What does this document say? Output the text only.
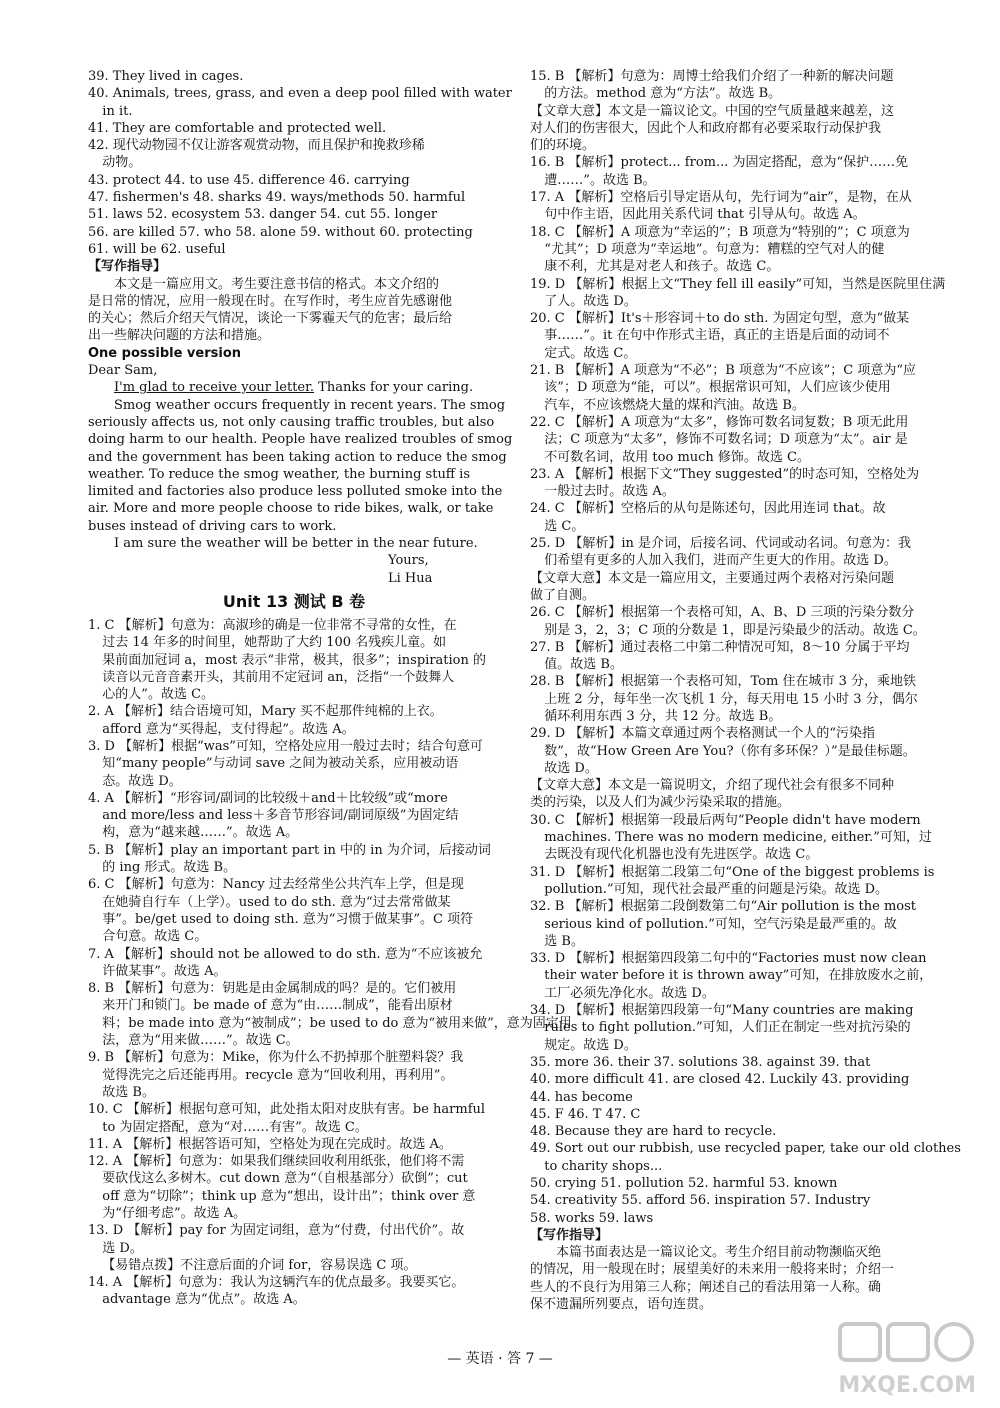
39. They lived in cages.
40. Animals, trees, grass, and even a deep pool filled with water
in it.
41. They are comfortable and protected well.
42. 现代动物园不仅让游客观赏动物，而且保护和挽救珍稀
动物。
43. protect 44. to use 45. difference 46. carrying
47. fishermen's 48. sharks 49. ways/methods 50. harmful
51. laws 52. ecosystem 53. danger 54. cut 55. longer
56. are killed 57. who 58. alone 59. without 60. protecting
61. will be 62. useful
【写作指导】
本文是一篇应用文。考生要注意书信的格式。本文介绍的
是日常的情况，应用一般现在时。在写作时，考生应首先感谢他
的关心；然后介绍天气情况，谈论一下雾霾天气的危害；最后给
出一些解决问题的方法和措施。
One possible version
Dear Sam,
I'm glad to receive your letter. Thanks for your caring.
Smog weather occurs frequently in recent years. The smog
seriously affects us, not only causing traffic troubles, but also
doing harm to our health. People have realized troubles of smog
and the government has been taking action to reduce the smog
weather. To reduce the smog weather, the burning stuff is
limited and factories also produce less polluted smoke into the
air. More and more people choose to ride bikes, walk, or take
buses instead of driving cars to work.
I am sure the weather will be better in the near future.
Yours,
Li Hua
Unit 13 测试 B 卷
1. C 【解析】句意为：高淑珍的确是一位非常不寻常的女性，在
过去 14 年多的时间里，她帮助了大约 100 名残疾儿童。如
果前面加冠词 a，most 表示“非常，极其，很多”；inspiration 的
读音以元音音素开头，其前用不定冠词 an，泛指“一个鼓舞人
心的人”。故选 C。
2. A 【解析】结合语境可知，Mary 买不起那件纯棉的上衣。
afford 意为“买得起，支付得起”。故选 A。
3. D 【解析】根据“was”可知，空格处应用一般过去时；结合句意可
知“many people”与动词 save 之间为被动关系，应用被动语
态。故选 D。
4. A 【解析】“形容词/副词的比较级＋and＋比较级”或“more
and more/less and less＋多音节形容词/副词原级”为固定结
构，意为“越来越……”。故选 A。
5. B 【解析】play an important part in 中的 in 为介词，后接动词
的 ing 形式。故选 B。
6. C 【解析】句意为：Nancy 过去经常坐公共汽车上学，但是现
在她骑自行车（上学）。used to do sth. 意为“过去常常做某
事”。be/get used to doing sth. 意为“习惯于做某事”。C 项符
合句意。故选 C。
7. A 【解析】should not be allowed to do sth. 意为“不应该被允
许做某事”。故选 A。
8. B 【解析】句意为：钥匙是由金属制成的吗？是的。它们被用
来开门和锁门。be made of 意为“由……制成”，能看出原材
料；be made into 意为“被制成”；be used to do 意为“被用来做”，意为固定用
法，意为“用来做……”。故选 C。
9. B 【解析】句意为：Mike，你为什么不扔掉那个脏塑料袋？我
觉得洗完之后还能再用。recycle 意为“回收利用，再利用”。
故选 B。
10. C 【解析】根据句意可知，此处指太阳对皮肤有害。be harmful
to 为固定搭配，意为“对……有害”。故选 C。
11. A 【解析】根据答语可知，空格处为现在完成时。故选 A。
12. A 【解析】句意为：如果我们继续回收利用纸张，他们将不需
要砍伐这么多树木。cut down 意为“（自根基部分）砍倒”；cut
off 意为“切除”；think up 意为“想出，设计出”；think over 意
为“仔细考虑”。故选 A。
13. D 【解析】pay for 为固定词组，意为“付费，付出代价”。故
选 D。
【易错点拨】不注意后面的介词 for，容易误选 C 项。
14. A 【解析】句意为：我认为这辆汽车的优点最多。我要买它。
advantage 意为“优点”。故选 A。
15. B 【解析】句意为：周博士给我们介绍了一种新的解决问题
的方法。method 意为“方法”。故选 B。
【文章大意】本文是一篇议论文。中国的空气质量越来越差，这
对人们的伤害很大，因此个人和政府都有必要采取行动保护我
们的环境。
16. B 【解析】protect... from... 为固定搭配，意为“保护……免
遭……”。故选 B。
17. A 【解析】空格后引导定语从句，先行词为“air”，是物，在从
句中作主语，因此用关系代词 that 引导从句。故选 A。
18. C 【解析】A 项意为“幸运的”；B 项意为“特别的”；C 项意为
“尤其”；D 项意为“幸运地”。句意为：糟糕的空气对人的健
康不利，尤其是对老人和孩子。故选 C。
19. D 【解析】根据上文“They fell ill easily”可知，当然是医院里住满
了人。故选 D。
20. C 【解析】It's＋形容词＋to do sth. 为固定句型，意为“做某
事……”。it 在句中作形式主语，真正的主语是后面的动词不
定式。故选 C。
21. B 【解析】A 项意为“不必”；B 项意为“不应该”；C 项意为“应
该”；D 项意为“能，可以”。根据常识可知，人们应该少使用
汽车，不应该燃烧大量的煤和汽油。故选 B。
22. C 【解析】A 项意为“太多”，修饰可数名词复数；B 项无此用
法；C 项意为“太多”，修饰不可数名词；D 项意为“太”。air 是
不可数名词，故用 too much 修饰。故选 C。
23. A 【解析】根据下文“They suggested”的时态可知，空格处为
一般过去时。故选 A。
24. C 【解析】空格后的从句是陈述句，因此用连词 that。故
选 C。
25. D 【解析】in 是介词，后接名词、代词或动名词。句意为：我
们希望有更多的人加入我们，进而产生更大的作用。故选 D。
【文章大意】本文是一篇应用文，主要通过两个表格对污染问题
做了自测。
26. C 【解析】根据第一个表格可知，A、B、D 三项的污染分数分
别是 3，2，3；C 项的分数是 1，即是污染最少的活动。故选 C。
27. B 【解析】通过表格二中第二种情况可知，8～10 分属于平均
值。故选 B。
28. B 【解析】根据第一个表格可知，Tom 住在城市 3 分，乘地铁
上班 2 分，每年坐一次飞机 1 分，每天用电 15 小时 3 分，偶尔
循环利用东西 3 分，共 12 分。故选 B。
29. D 【解析】本篇文章通过两个表格测试一个人的“污染指
数”，故“How Green Are You?（你有多环保？）”是最佳标题。
故选 D。
【文章大意】本文是一篇说明文，介绍了现代社会有很多不同种
类的污染，以及人们为减少污染采取的措施。
30. C 【解析】根据第一段最后两句“People didn't have modern
machines. There was no modern medicine, either.”可知，过
去既没有现代化机器也没有先进医学。故选 C。
31. D 【解析】根据第二段第二句“One of the biggest problems is
pollution.”可知，现代社会最严重的问题是污染。故选 D。
32. B 【解析】根据第二段倒数第二句“Air pollution is the most
serious kind of pollution.”可知，空气污染是最严重的。故
选 B。
33. D 【解析】根据第四段第二句中的“Factories must now clean
their water before it is thrown away”可知，在排放废水之前，
工厂必须先净化水。故选 D。
34. D 【解析】根据第四段第一句“Many countries are making
rules to fight pollution.”可知，人们正在制定一些对抗污染的
规定。故选 D。
35. more 36. their 37. solutions 38. against 39. that
40. more difficult 41. are closed 42. Luckily 43. providing
44. has become
45. F 46. T 47. C
48. Because they are hard to recycle.
49. Sort out our rubbish, use recycled paper, take our old clothes
to charity shops...
50. crying 51. pollution 52. harmful 53. known
54. creativity 55. afford 56. inspiration 57. Industry
58. works 59. laws
【写作指导】
本篇书面表达是一篇议论文。考生介绍目前动物濒临灭绝
的情况，用一般现在时；展望美好的未来用一般将来时；介绍一
些人的不良行为用第三人称；阐述自己的看法用第一人称。确
保不遗漏所列要点，语句连贯。
— 英语 · 答 7 —
MXQE.COM
